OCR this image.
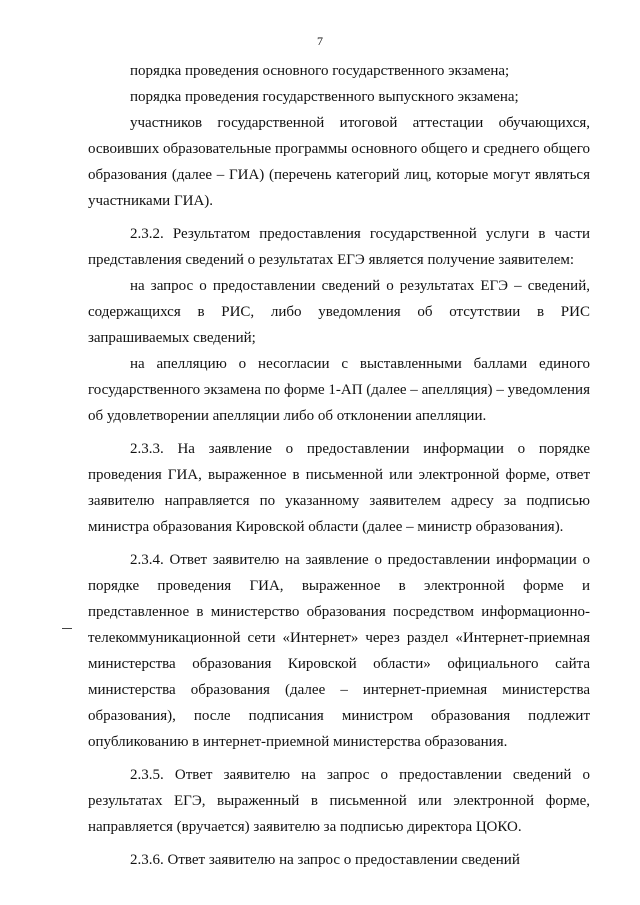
7

порядка проведения основного государственного экзамена;

порядка проведения государственного выпускного экзамена;

участников государственной итоговой аттестации обучающихся, освоивших образовательные программы основного общего и среднего общего образования (далее – ГИА) (перечень категорий лиц, которые могут являться участниками ГИА).

2.3.2. Результатом предоставления государственной услуги в части представления сведений о результатах ЕГЭ является получение заявителем:

на запрос о предоставлении сведений о результатах ЕГЭ – сведений, содержащихся в РИС, либо уведомления об отсутствии в РИС запрашиваемых сведений;

на апелляцию о несогласии с выставленными баллами единого государственного экзамена по форме 1-АП (далее – апелляция) – уведомления об удовлетворении апелляции либо об отклонении апелляции.

2.3.3. На заявление о предоставлении информации о порядке проведения ГИА, выраженное в письменной или электронной форме, ответ заявителю направляется по указанному заявителем адресу за подписью министра образования Кировской области (далее – министр образования).

2.3.4. Ответ заявителю на заявление о предоставлении информации о порядке проведения ГИА, выраженное в электронной форме и представленное в министерство образования посредством информационно-телекоммуникационной сети «Интернет» через раздел «Интернет-приемная министерства образования Кировской области» официального сайта министерства образования (далее – интернет-приемная министерства образования), после подписания министром образования подлежит опубликованию в интернет-приемной министерства образования.

2.3.5. Ответ заявителю на запрос о предоставлении сведений о результатах ЕГЭ, выраженный в письменной или электронной форме, направляется (вручается) заявителю за подписью директора ЦОКО.

2.3.6. Ответ заявителю на запрос о предоставлении сведений
